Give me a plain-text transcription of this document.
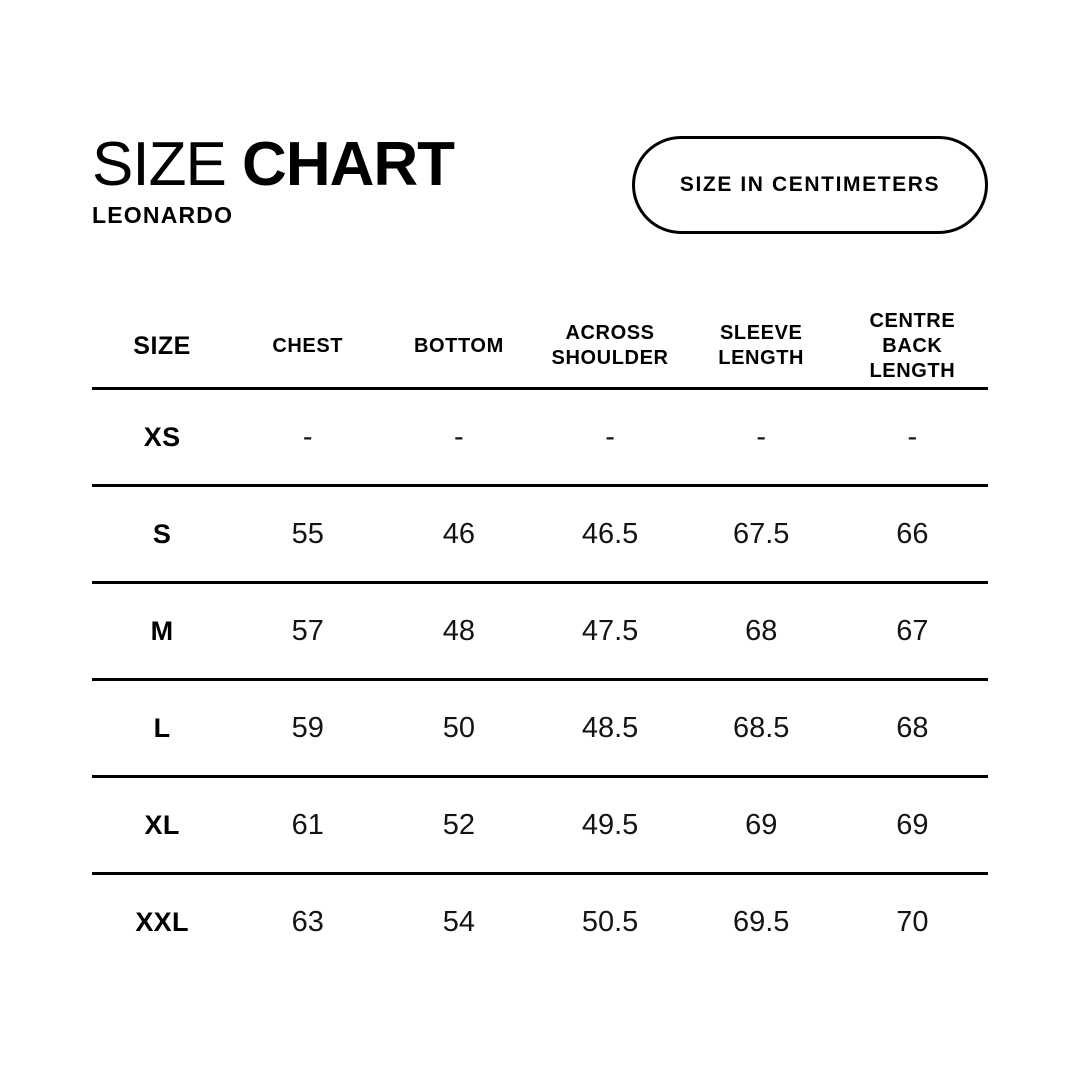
SIZE CHART

LEONARDO

SIZE IN CENTIMETERS
SIZE	CHEST	BOTTOM	ACROSS SHOULDER	SLEEVE LENGTH	CENTRE BACK LENGTH
XS	-	-	-	-	-
S	55	46	46.5	67.5	66
M	57	48	47.5	68	67
L	59	50	48.5	68.5	68
XL	61	52	49.5	69	69
XXL	63	54	50.5	69.5	70
